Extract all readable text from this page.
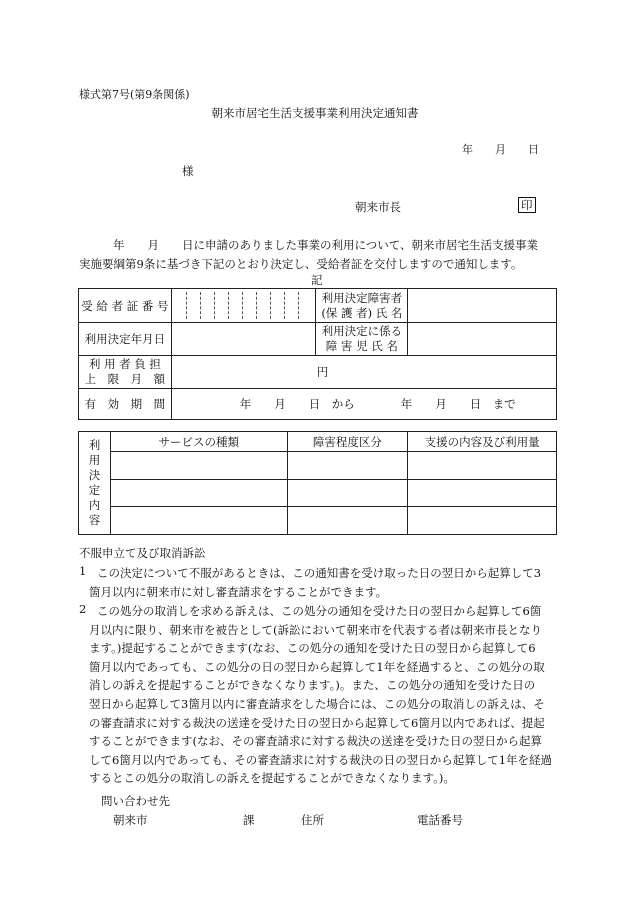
様式第7号(第9条関係)
朝来市居宅生活支援事業利用決定通知書
年　　月　　日
様
朝来市長	印
年　　月　　日に申請のありました事業の利用について、朝来市居宅生活支援事業
実施要綱第9条に基づき下記のとおり決定し、受給者証を交付しますので通知します。
記
受 給 者 証 番 号		利用決定障害者
(保 護 者) 氏 名	

利用決定年月日		利用決定に係る
障 害 児 氏 名	

利 用 者 負 担
上　限　月　額	円		
有　効　期　間	年　　月　　日　から　　　　年　　月　　日　まで		
利用決定内容	サービスの種類	障害程度区分	支援の内容及び利用量

不服申立て及び取消訴訟
1 この決定について不服があるときは、この通知書を受け取った日の翌日から起算して3

箇月以内に朝来市に対し審査請求をすることができます。

2 この処分の取消しを求める訴えは、この処分の通知を受けた日の翌日から起算して6箇

月以内に限り、朝来市を被告として(訴訟において朝来市を代表する者は朝来市長となり

ます。)提起することができます(なお、この処分の通知を受けた日の翌日から起算して6

箇月以内であっても、この処分の日の翌日から起算して1年を経過すると、この処分の取

消しの訴えを提起することができなくなります。)。また、この処分の通知を受けた日の

翌日から起算して3箇月以内に審査請求をした場合には、この処分の取消しの訴えは、そ

の審査請求に対する裁決の送達を受けた日の翌日から起算して6箇月以内であれば、提起

することができます(なお、その審査請求に対する裁決の送達を受けた日の翌日から起算

して6箇月以内であっても、その審査請求に対する裁決の日の翌日から起算して1年を経過

するとこの処分の取消しの訴えを提起することができなくなります。)。

問い合わせ先
朝来市	課	住所	電話番号
